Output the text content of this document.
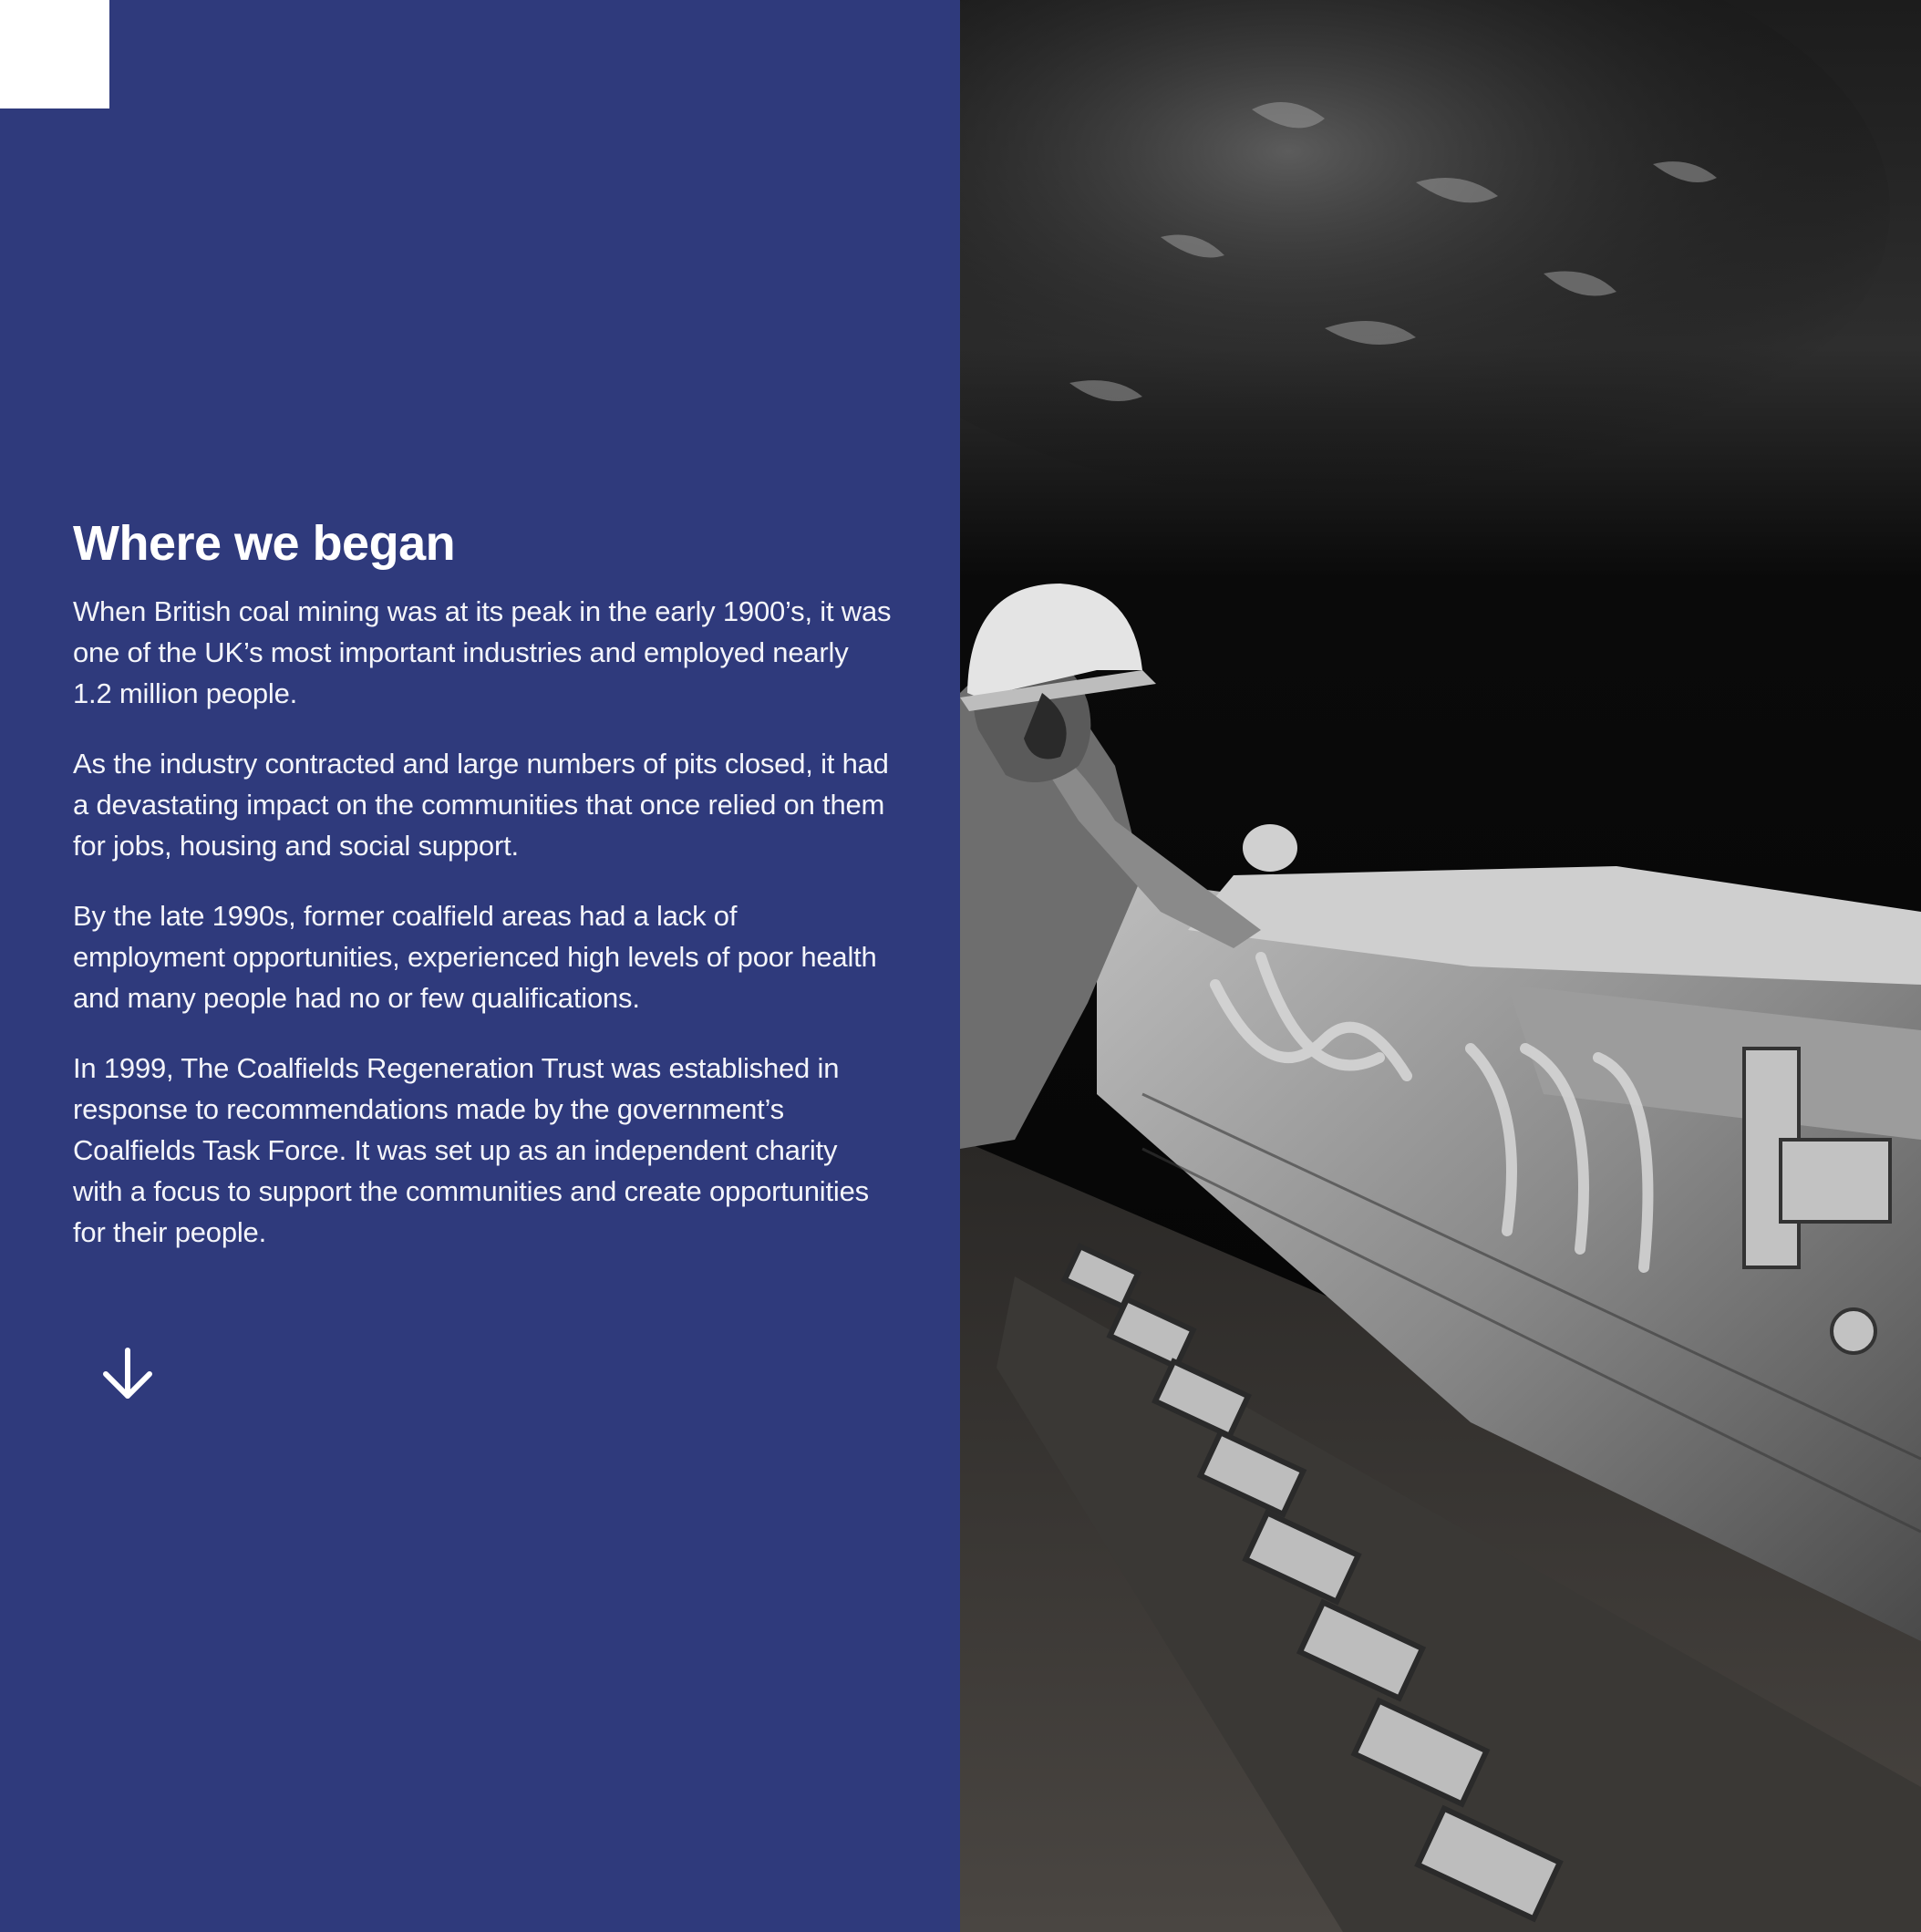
Where we began

When British coal mining was at its peak in the early 1900’s, it was one of the UK’s most important industries and employed nearly 1.2 million people.

As the industry contracted and large numbers of pits closed, it had a devastating impact on the communities that once relied on them for jobs, housing and social support.

By the late 1990s, former coalfield areas had a lack of employment opportunities, experienced high levels of poor health and many people had no or few qualifications.

In 1999, The Coalfields Regeneration Trust was established in response to recommendations made by the government’s Coalfields Task Force. It was set up as an independent charity with a focus to support the communities and create opportunities for their people.
